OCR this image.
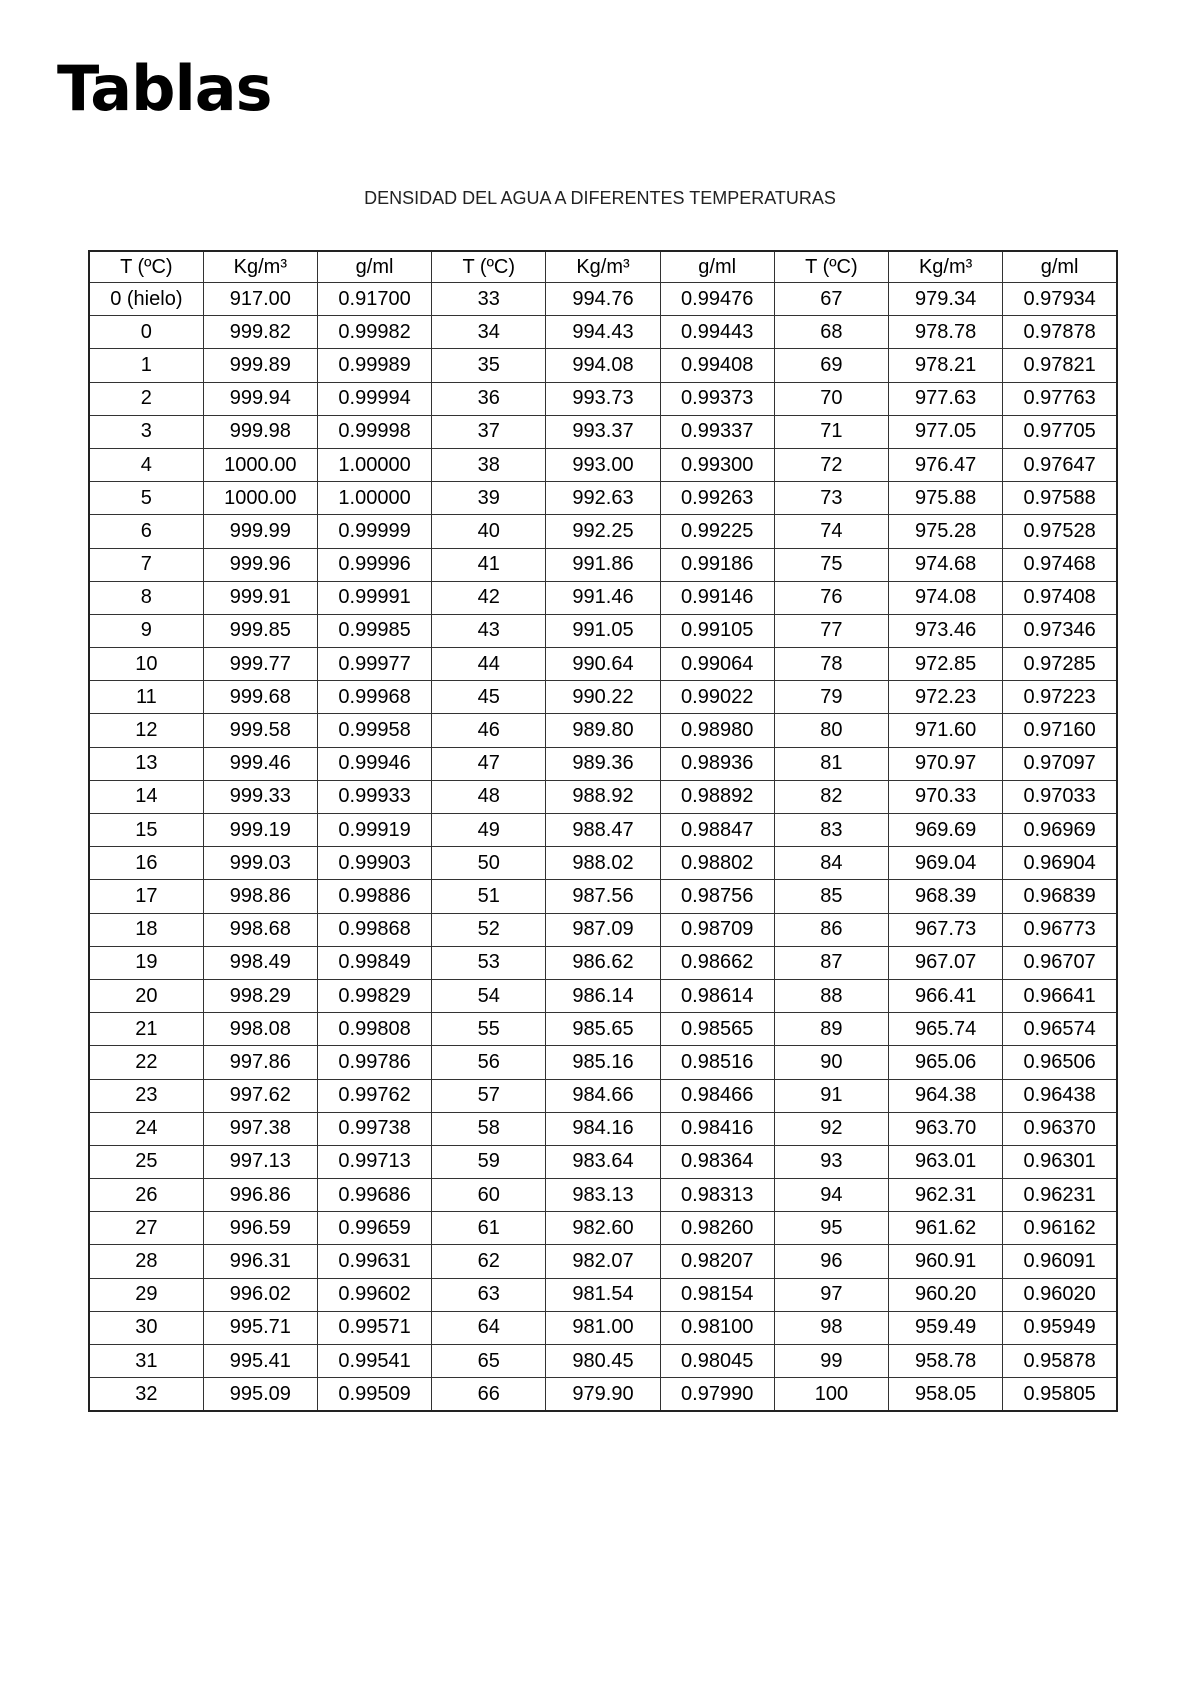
Tablas
DENSIDAD DEL AGUA A DIFERENTES TEMPERATURAS
T (ºC)	Kg/m³	g/ml	T (ºC)	Kg/m³	g/ml	T (ºC)	Kg/m³	g/ml
0 (hielo)	917.00	0.91700	33	994.76	0.99476	67	979.34	0.97934
0	999.82	0.99982	34	994.43	0.99443	68	978.78	0.97878
1	999.89	0.99989	35	994.08	0.99408	69	978.21	0.97821
2	999.94	0.99994	36	993.73	0.99373	70	977.63	0.97763
3	999.98	0.99998	37	993.37	0.99337	71	977.05	0.97705
4	1000.00	1.00000	38	993.00	0.99300	72	976.47	0.97647
5	1000.00	1.00000	39	992.63	0.99263	73	975.88	0.97588
6	999.99	0.99999	40	992.25	0.99225	74	975.28	0.97528
7	999.96	0.99996	41	991.86	0.99186	75	974.68	0.97468
8	999.91	0.99991	42	991.46	0.99146	76	974.08	0.97408
9	999.85	0.99985	43	991.05	0.99105	77	973.46	0.97346
10	999.77	0.99977	44	990.64	0.99064	78	972.85	0.97285
11	999.68	0.99968	45	990.22	0.99022	79	972.23	0.97223
12	999.58	0.99958	46	989.80	0.98980	80	971.60	0.97160
13	999.46	0.99946	47	989.36	0.98936	81	970.97	0.97097
14	999.33	0.99933	48	988.92	0.98892	82	970.33	0.97033
15	999.19	0.99919	49	988.47	0.98847	83	969.69	0.96969
16	999.03	0.99903	50	988.02	0.98802	84	969.04	0.96904
17	998.86	0.99886	51	987.56	0.98756	85	968.39	0.96839
18	998.68	0.99868	52	987.09	0.98709	86	967.73	0.96773
19	998.49	0.99849	53	986.62	0.98662	87	967.07	0.96707
20	998.29	0.99829	54	986.14	0.98614	88	966.41	0.96641
21	998.08	0.99808	55	985.65	0.98565	89	965.74	0.96574
22	997.86	0.99786	56	985.16	0.98516	90	965.06	0.96506
23	997.62	0.99762	57	984.66	0.98466	91	964.38	0.96438
24	997.38	0.99738	58	984.16	0.98416	92	963.70	0.96370
25	997.13	0.99713	59	983.64	0.98364	93	963.01	0.96301
26	996.86	0.99686	60	983.13	0.98313	94	962.31	0.96231
27	996.59	0.99659	61	982.60	0.98260	95	961.62	0.96162
28	996.31	0.99631	62	982.07	0.98207	96	960.91	0.96091
29	996.02	0.99602	63	981.54	0.98154	97	960.20	0.96020
30	995.71	0.99571	64	981.00	0.98100	98	959.49	0.95949
31	995.41	0.99541	65	980.45	0.98045	99	958.78	0.95878
32	995.09	0.99509	66	979.90	0.97990	100	958.05	0.95805
